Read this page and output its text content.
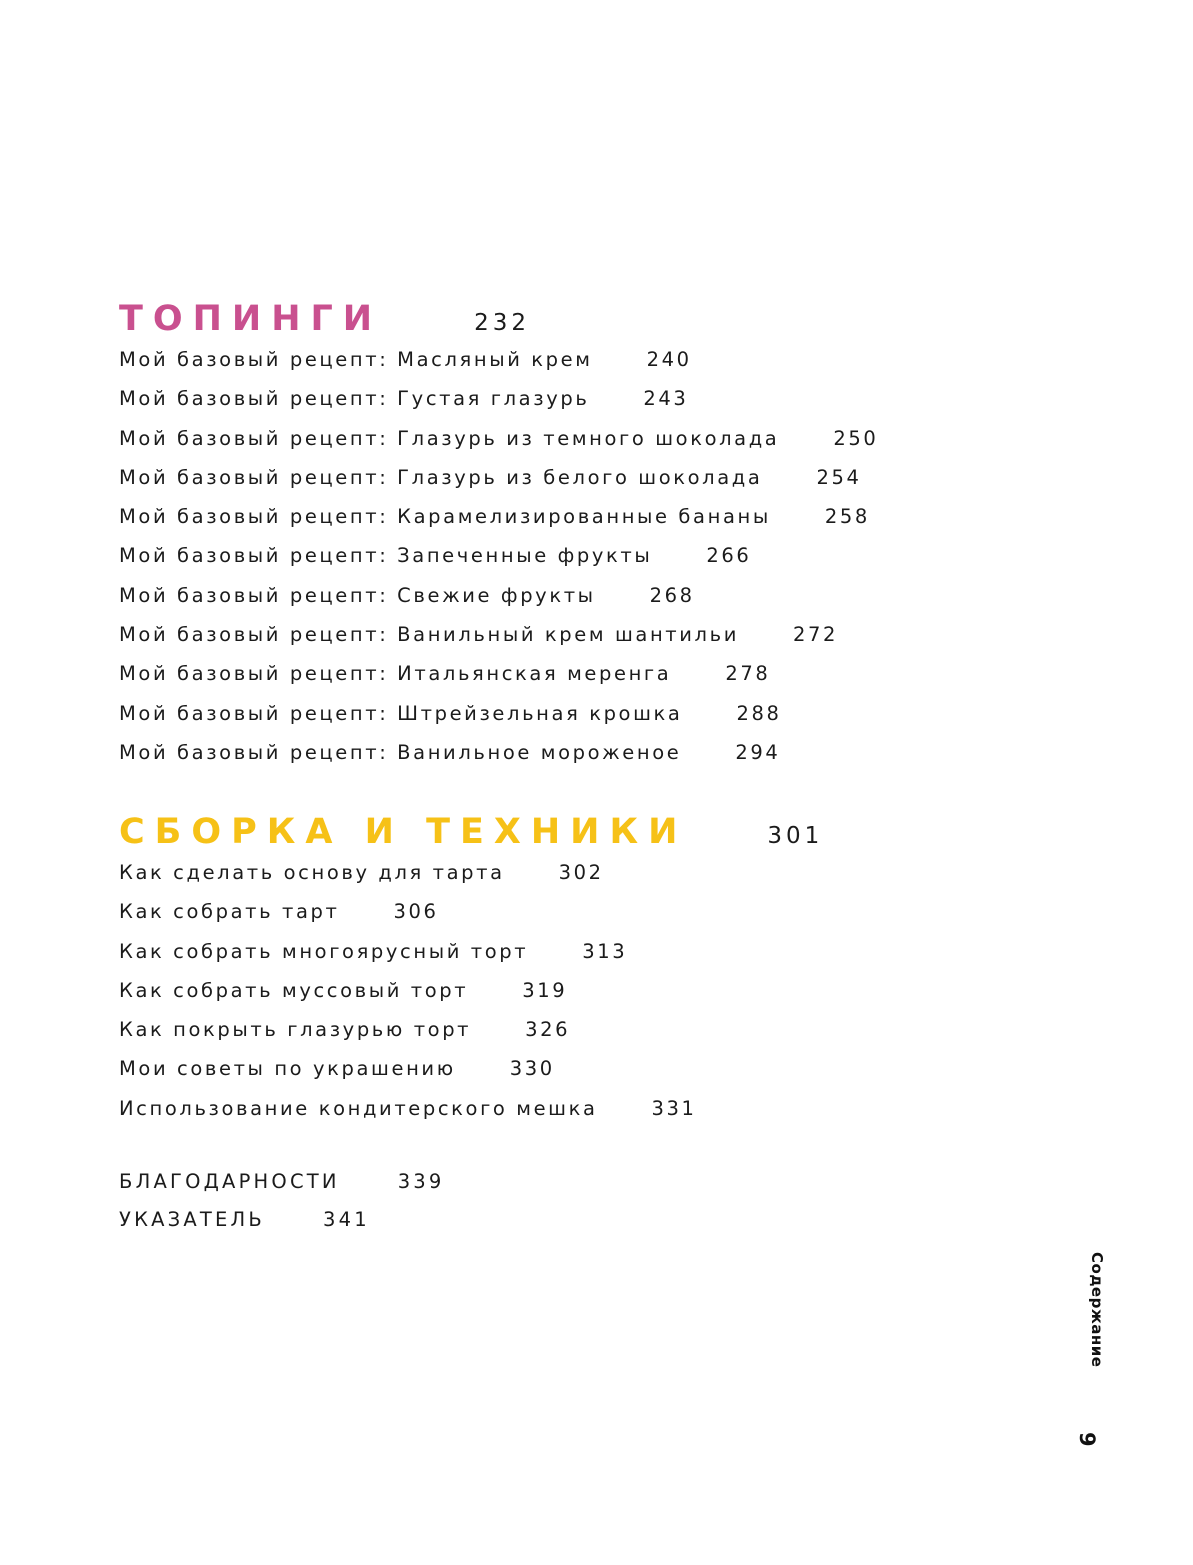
ТОПИНГИ	232
Мой базовый рецепт: Масляный крем	240
Мой базовый рецепт: Густая глазурь	243
Мой базовый рецепт: Глазурь из темного шоколада	250
Мой базовый рецепт: Глазурь из белого шоколада	254
Мой базовый рецепт: Карамелизированные бананы	258
Мой базовый рецепт: Запеченные фрукты	266
Мой базовый рецепт: Свежие фрукты	268
Мой базовый рецепт: Ванильный крем шантильи	272
Мой базовый рецепт: Итальянская меренга	278
Мой базовый рецепт: Штрейзельная крошка	288
Мой базовый рецепт: Ванильное мороженое	294
СБОРКА И ТЕХНИКИ	301
Как сделать основу для тарта	302
Как собрать тарт	306
Как собрать многоярусный торт	313
Как собрать муссовый торт	319
Как покрыть глазурью торт	326
Мои советы по украшению	330
Использование кондитерского мешка	331
БЛАГОДАРНОСТИ	339
УКАЗАТЕЛЬ	341
Содержание
9
